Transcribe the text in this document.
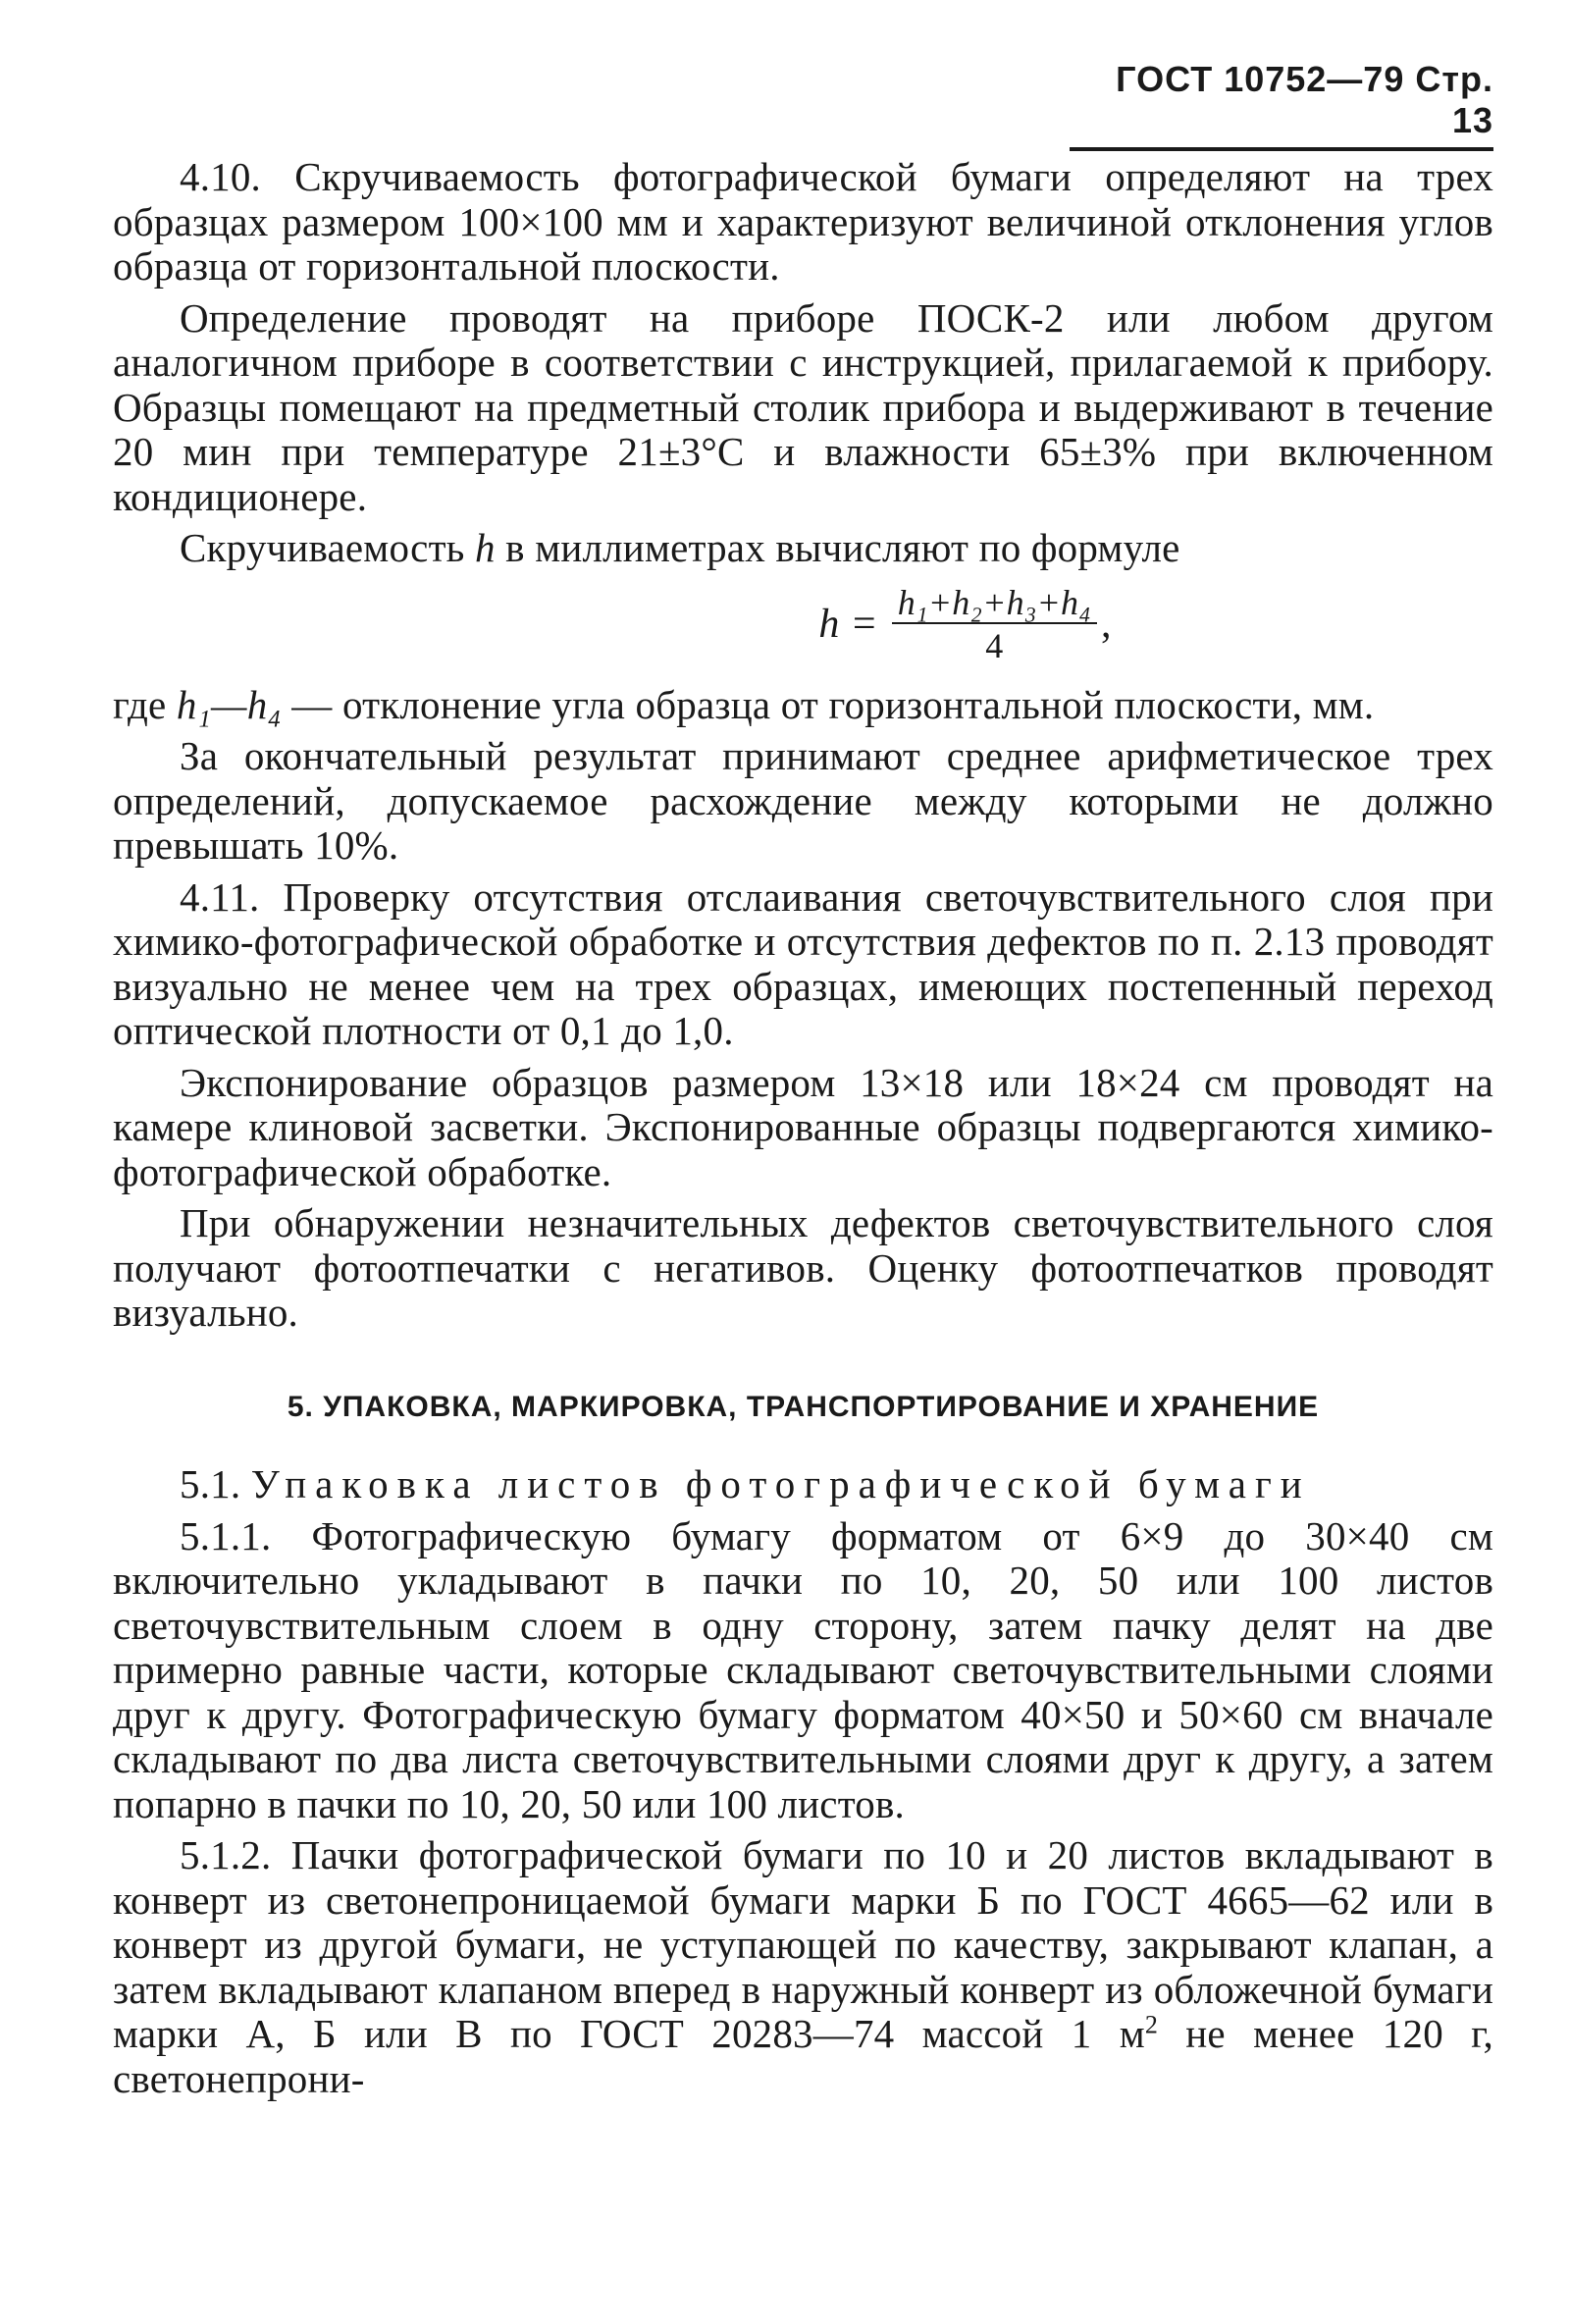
ГОСТ 10752—79 Стр. 13

4.10. Скручиваемость фотографической бумаги определяют на трех образцах размером 100×100 мм и характеризуют величиной отклонения углов образца от горизонтальной плоскости.

Определение проводят на приборе ПОСК-2 или любом другом аналогичном приборе в соответствии с инструкцией, прилагаемой к прибору. Образцы помещают на предметный столик прибора и выдерживают в течение 20 мин при температуре 21±3°С и влажности 65±3% при включенном кондиционере.

Скручиваемость h в миллиметрах вычисляют по формуле

$h = \frac{\text{h₁+h₂+h₃+h₄}}{4}$ ,

где h₁—h₄ — отклонение угла образца от горизонтальной плоскости, мм.

За окончательный результат принимают среднее арифметическое трех определений, допускаемое расхождение между которыми не должно превышать 10%.

4.11. Проверку отсутствия отслаивания светочувствительного слоя при химико-фотографической обработке и отсутствия дефектов по п. 2.13 проводят визуально не менее чем на трех образцах, имеющих постепенный переход оптической плотности от 0,1 до 1,0.

Экспонирование образцов размером 13×18 или 18×24 см проводят на камере клиновой засветки. Экспонированные образцы подвергаются химико-фотографической обработке.

При обнаружении незначительных дефектов светочувствительного слоя получают фотоотпечатки с негативов. Оценку фотоотпечатков проводят визуально.

5. УПАКОВКА, МАРКИРОВКА, ТРАНСПОРТИРОВАНИЕ И ХРАНЕНИЕ

5.1. Упаковка листов фотографической бумаги

5.1.1. Фотографическую бумагу форматом от 6×9 до 30×40 см включительно укладывают в пачки по 10, 20, 50 или 100 листов светочувствительным слоем в одну сторону, затем пачку делят на две примерно равные части, которые складывают светочувствительными слоями друг к другу. Фотографическую бумагу форматом 40×50 и 50×60 см вначале складывают по два листа светочувствительными слоями друг к другу, а затем попарно в пачки по 10, 20, 50 или 100 листов.

5.1.2. Пачки фотографической бумаги по 10 и 20 листов вкладывают в конверт из светонепроницаемой бумаги марки Б по ГОСТ 4665—62 или в конверт из другой бумаги, не уступающей по качеству, закрывают клапан, а затем вкладывают клапаном вперед в наружный конверт из обложечной бумаги марки А, Б или В по ГОСТ 20283—74 массой 1 $м^2$ не менее 120 г, светонепрони-
